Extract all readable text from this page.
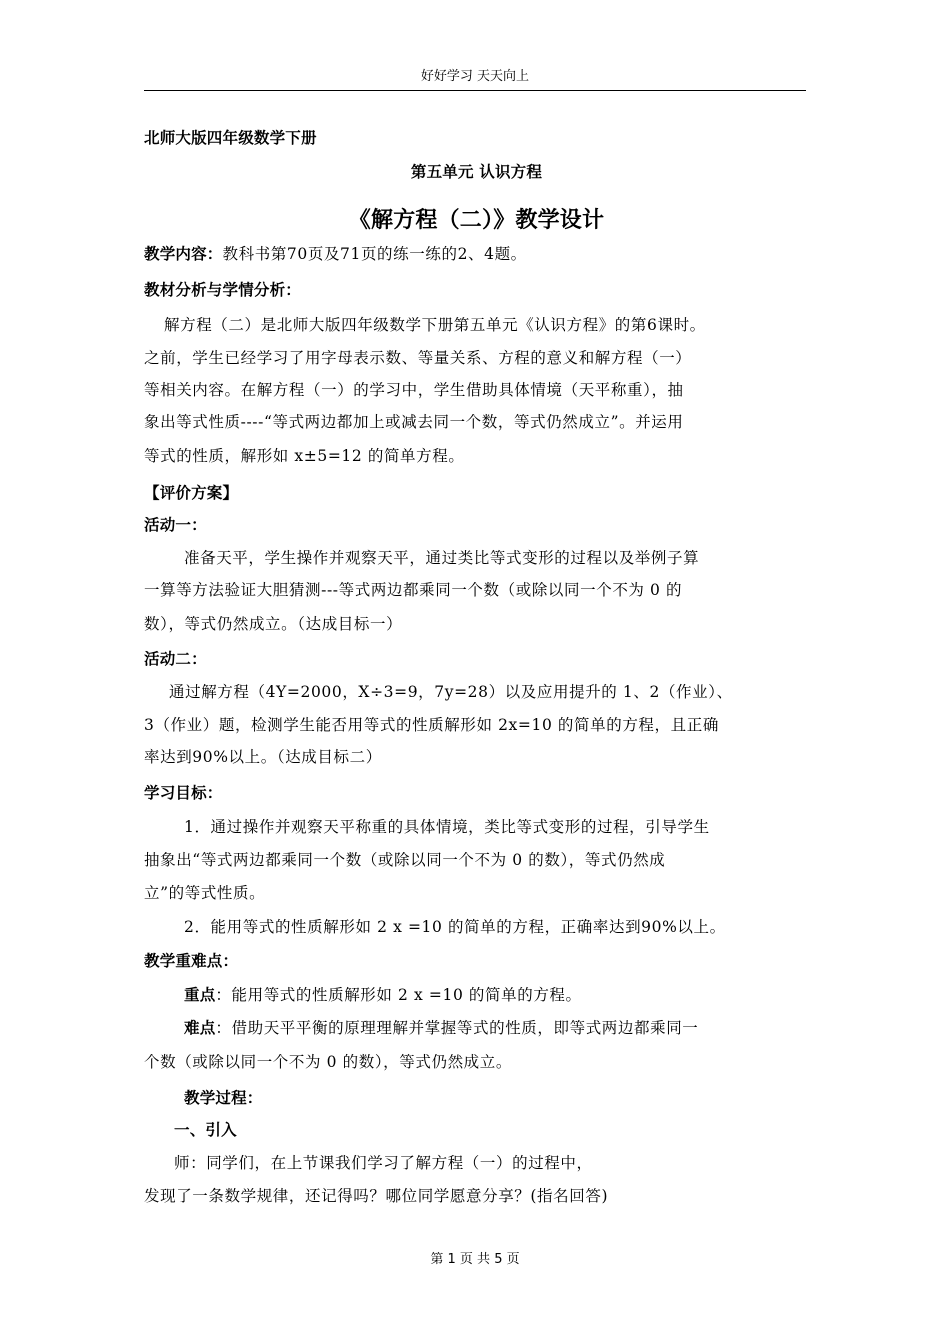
好好学习 天天向上
北师大版四年级数学下册
第五单元 认识方程
《解方程（二）》教学设计
教学内容：教科书第70页及71页的练一练的2、4题。
教材分析与学情分析：
解方程（二）是北师大版四年级数学下册第五单元《认识方程》的第6课时。
之前，学生已经学习了用字母表示数、等量关系、方程的意义和解方程（一）
等相关内容。在解方程（一）的学习中，学生借助具体情境（天平称重），抽
象出等式性质----“等式两边都加上或减去同一个数，等式仍然成立”。并运用
等式的性质，解形如 x±5=12 的简单方程。
【评价方案】
活动一：
准备天平，学生操作并观察天平，通过类比等式变形的过程以及举例子算
一算等方法验证大胆猜测---等式两边都乘同一个数（或除以同一个不为 0 的
数），等式仍然成立。（达成目标一）
活动二：
通过解方程（4Y=2000，X÷3=9，7y=28）以及应用提升的 1、2（作业）、
3（作业）题，检测学生能否用等式的性质解形如 2x=10 的简单的方程，且正确
率达到90%以上。（达成目标二）
学习目标：
1．通过操作并观察天平称重的具体情境，类比等式变形的过程，引导学生
抽象出“等式两边都乘同一个数（或除以同一个不为 0 的数），等式仍然成
立”的等式性质。
2．能用等式的性质解形如 2 x =10 的简单的方程，正确率达到90%以上。
教学重难点：
重点：能用等式的性质解形如 2 x =10 的简单的方程。
难点：借助天平平衡的原理理解并掌握等式的性质，即等式两边都乘同一
个数（或除以同一个不为 0 的数），等式仍然成立。
教学过程：
一、引入
师：同学们，在上节课我们学习了解方程（一）的过程中，
发现了一条数学规律，还记得吗？哪位同学愿意分享？(指名回答)
第 1 页 共 5 页
